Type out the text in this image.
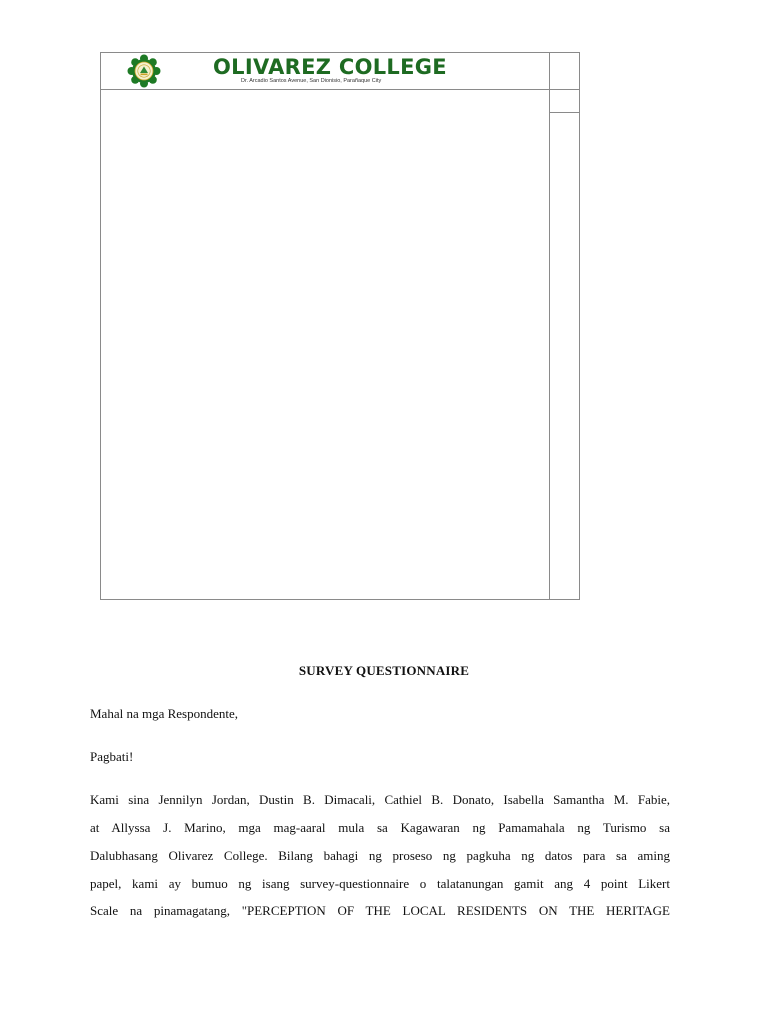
OLIVAREZ COLLEGE
Dr. Arcadio Santos Avenue, San Dionisio, Parañaque City
SURVEY QUESTIONNAIRE
Mahal na mga Respondente,
Pagbati!
Kami sina Jennilyn Jordan, Dustin B. Dimacali, Cathiel B. Donato, Isabella Samantha M. Fabie,
at Allyssa J. Marino, mga mag-aaral mula sa Kagawaran ng Pamamahala ng Turismo sa
Dalubhasang Olivarez College. Bilang bahagi ng proseso ng pagkuha ng datos para sa aming
papel, kami ay bumuo ng isang survey-questionnaire o talatanungan gamit ang 4 point Likert
Scale na pinamagatang, "PERCEPTION OF THE LOCAL RESIDENTS ON THE HERITAGE
